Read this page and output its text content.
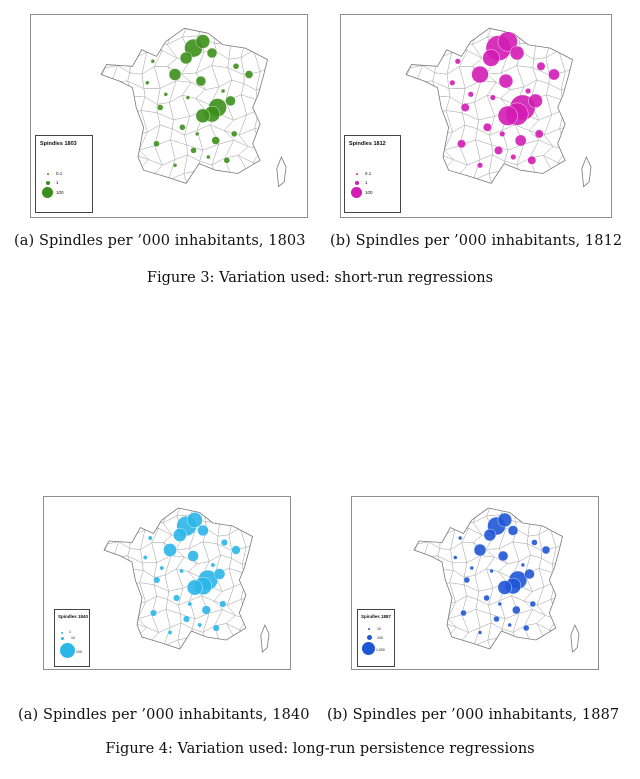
Spindles 1803
0.1
1
100
Spindles 1812
0.1
1
100
(a) Spindles per ’000 inhabitants, 1803 (b) Spindles per ’000 inhabitants, 1812
Figure 3: Variation used: short-run regressions
Spindles 1840
1
10
100
Spindles 1887
10
100
1,000
(a) Spindles per ’000 inhabitants, 1840 (b) Spindles per ’000 inhabitants, 1887
Figure 4: Variation used: long-run persistence regressions
